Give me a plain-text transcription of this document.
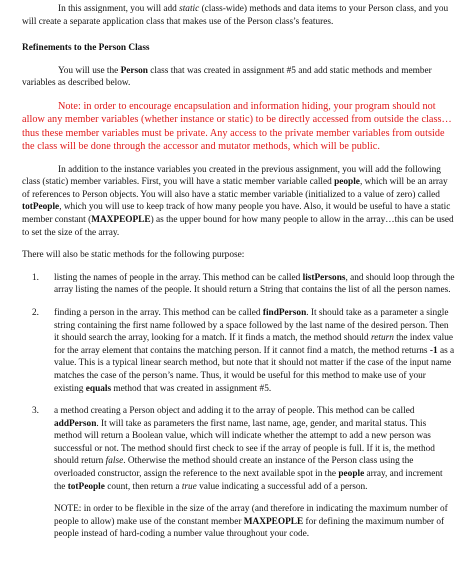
In this assignment, you will add static (class-wide) methods and data items to your Person class, and you will create a separate application class that makes use of the Person class’s features.

Refinements to the Person Class

You will use the Person class that was created in assignment #5 and add static methods and member variables as described below.

Note: in order to encourage encapsulation and information hiding, your program should not allow any member variables (whether instance or static) to be directly accessed from outside the class…thus these member variables must be private. Any access to the private member variables from outside the class will be done through the accessor and mutator methods, which will be public.

In addition to the instance variables you created in the previous assignment, you will add the following class (static) member variables. First, you will have a static member variable called people, which will be an array of references to Person objects. You will also have a static member variable (initialized to a value of zero) called totPeople, which you will use to keep track of how many people you have. Also, it would be useful to have a static member constant (MAXPEOPLE) as the upper bound for how many people to allow in the array…this can be used to set the size of the array.

There will also be static methods for the following purpose:

1. listing the names of people in the array. This method can be called listPersons, and should loop through the array listing the names of the people. It should return a String that contains the list of all the person names.
2. finding a person in the array. This method can be called findPerson. It should take as a parameter a single string containing the first name followed by a space followed by the last name of the desired person. Then it should search the array, looking for a match. If it finds a match, the method should return the index value for the array element that contains the matching person. If it cannot find a match, the method returns -1 as a value. This is a typical linear search method, but note that it should not matter if the case of the input name matches the case of the person’s name. Thus, it would be useful for this method to make use of your existing equals method that was created in assignment #5.
3. a method creating a Person object and adding it to the array of people. This method can be called addPerson. It will take as parameters the first name, last name, age, gender, and marital status. This method will return a Boolean value, which will indicate whether the attempt to add a new person was successful or not. The method should first check to see if the array of people is full. If it is, the method should return false. Otherwise the method should create an instance of the Person class using the overloaded constructor, assign the reference to the next available spot in the people array, and increment the totPeople count, then return a true value indicating a successful add of a person.

NOTE: in order to be flexible in the size of the array (and therefore in indicating the maximum number of people to allow) make use of the constant member MAXPEOPLE for defining the maximum number of people instead of hard-coding a number value throughout your code.
